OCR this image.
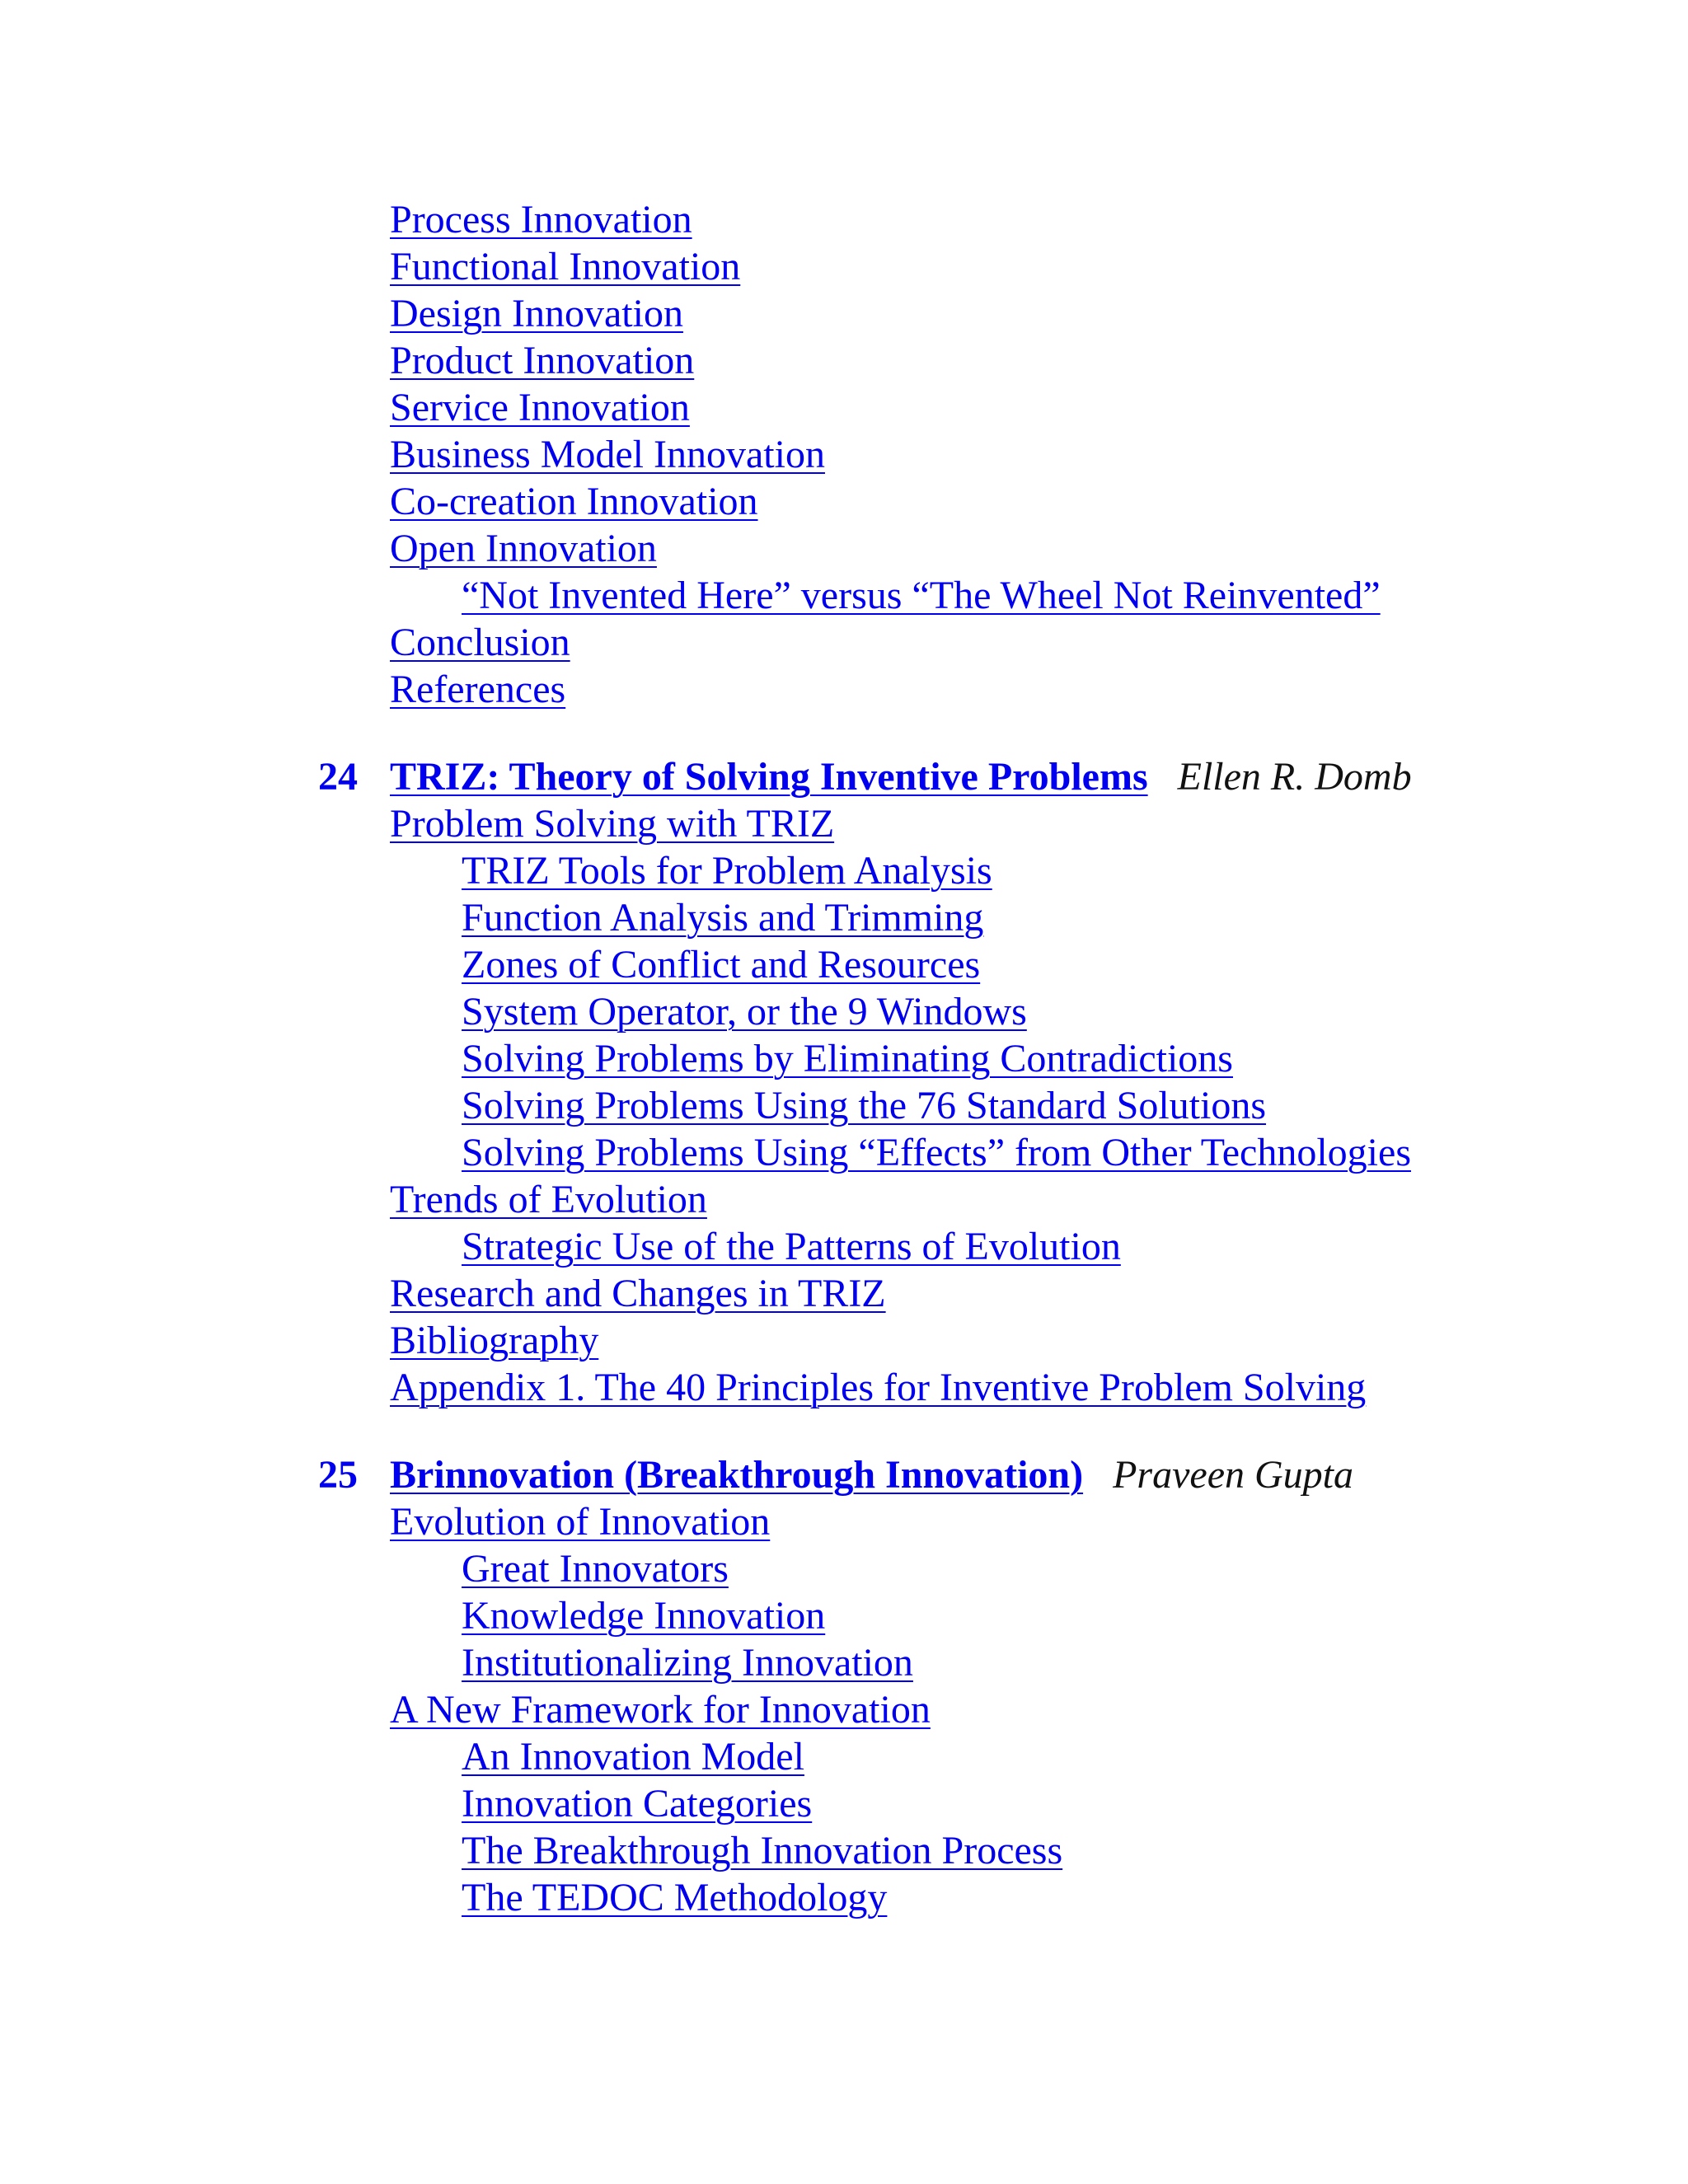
Process Innovation
Functional Innovation
Design Innovation
Product Innovation
Service Innovation
Business Model Innovation
Co-creation Innovation
Open Innovation
“Not Invented Here” versus “The Wheel Not Reinvented”
Conclusion
References
24 TRIZ: Theory of Solving Inventive Problems Ellen R. Domb
Problem Solving with TRIZ
TRIZ Tools for Problem Analysis
Function Analysis and Trimming
Zones of Conflict and Resources
System Operator, or the 9 Windows
Solving Problems by Eliminating Contradictions
Solving Problems Using the 76 Standard Solutions
Solving Problems Using “Effects” from Other Technologies
Trends of Evolution
Strategic Use of the Patterns of Evolution
Research and Changes in TRIZ
Bibliography
Appendix 1. The 40 Principles for Inventive Problem Solving
25 Brinnovation (Breakthrough Innovation) Praveen Gupta
Evolution of Innovation
Great Innovators
Knowledge Innovation
Institutionalizing Innovation
A New Framework for Innovation
An Innovation Model
Innovation Categories
The Breakthrough Innovation Process
The TEDOC Methodology
